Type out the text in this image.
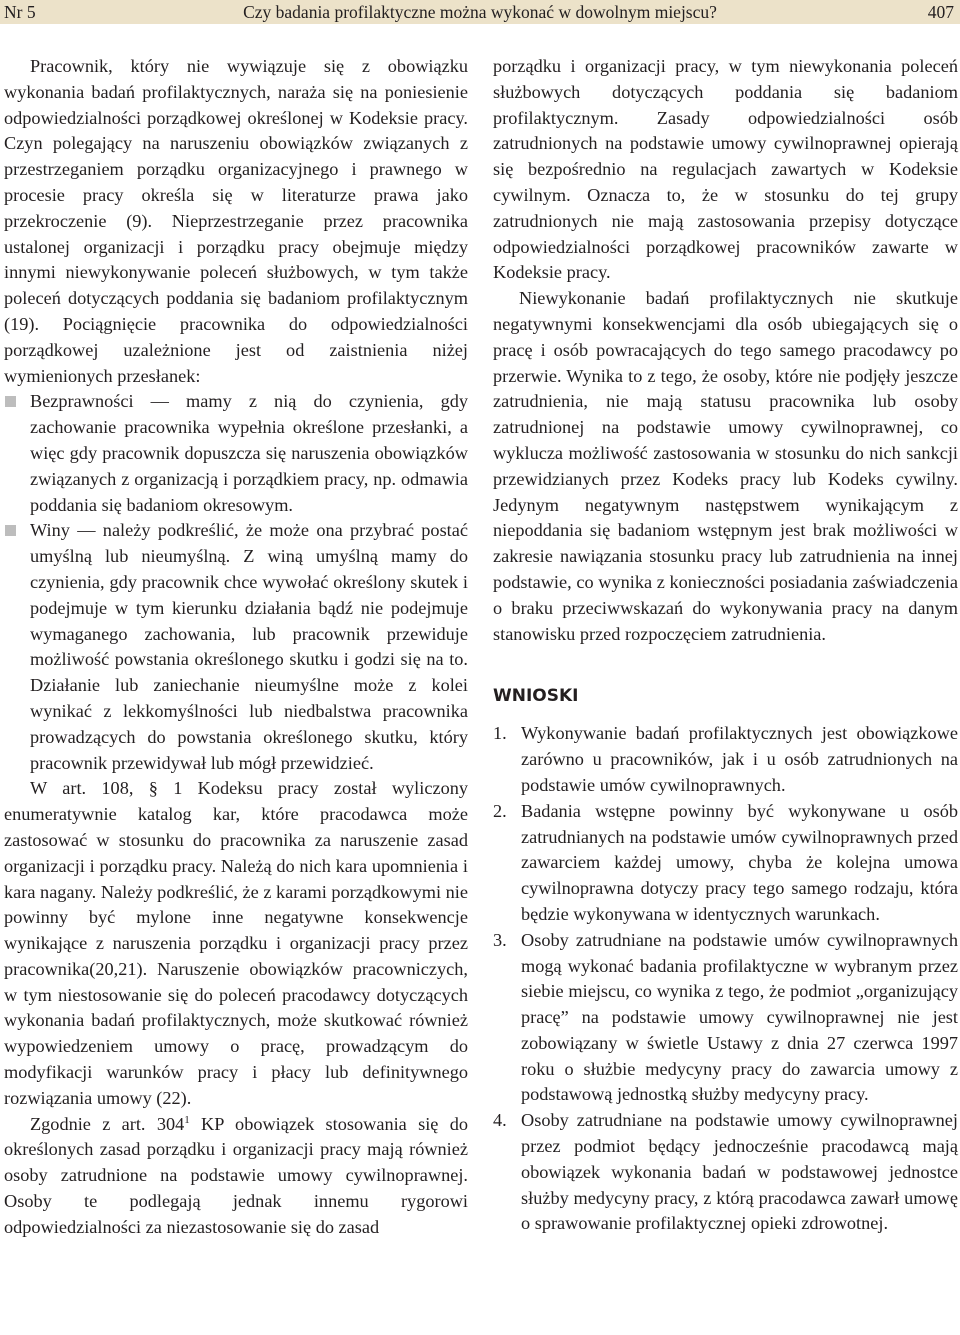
Czy badania profilaktyczne można wykonać w dowolnym miejscu?
Nr 5	407

Pracownik, który nie wywiązuje się z obowiązku wykonania badań profilaktycznych, naraża się na poniesienie odpowiedzialności porządkowej określonej w Kodeksie pracy. Czyn polegający na naruszeniu obowiązków związanych z przestrzeganiem porządku organizacyjnego i prawnego w procesie pracy określa się w literaturze prawa jako przekroczenie (9). Nieprzestrzeganie przez pracownika ustalonej organizacji i porządku pracy obejmuje między innymi niewykonywanie poleceń służbowych, w tym także poleceń dotyczących poddania się badaniom profilaktycznym (19). Pociągnięcie pracownika do odpowiedzialności porządkowej uzależnione jest od zaistnienia niżej wymienionych przesłanek:

Bezprawności — mamy z nią do czynienia, gdy zachowanie pracownika wypełnia określone przesłanki, a więc gdy pracownik dopuszcza się naruszenia obowiązków związanych z organizacją i porządkiem pracy, np. odmawia poddania się badaniom okresowym.
Winy — należy podkreślić, że może ona przybrać postać umyślną lub nieumyślną. Z winą umyślną mamy do czynienia, gdy pracownik chce wywołać określony skutek i podejmuje w tym kierunku działania bądź nie podejmuje wymaganego zachowania, lub pracownik przewiduje możliwość powstania określonego skutku i godzi się na to. Działanie lub zaniechanie nieumyślne może z kolei wynikać z lekkomyślności lub niedbalstwa pracownika prowadzących do powstania określonego skutku, który pracownik przewidywał lub mógł przewidzieć.

W art. 108, § 1 Kodeksu pracy został wyliczony enumeratywnie katalog kar, które pracodawca może zastosować w stosunku do pracownika za naruszenie zasad organizacji i porządku pracy. Należą do nich kara upomnienia i kara nagany. Należy podkreślić, że z karami porządkowymi nie powinny być mylone inne negatywne konsekwencje wynikające z naruszenia porządku i organizacji pracy przez pracownika(20,21). Naruszenie obowiązków pracowniczych, w tym niestosowanie się do poleceń pracodawcy dotyczących wykonania badań profilaktycznych, może skutkować również wypowiedzeniem umowy o pracę, prowadzącym do modyfikacji warunków pracy i płacy lub definitywnego rozwiązania umowy (22).

Zgodnie z art. $304^1$ KP obowiązek stosowania się do określonych zasad porządku i organizacji pracy mają również osoby zatrudnione na podstawie umowy cywilnoprawnej. Osoby te podlegają jednak innemu rygorowi odpowiedzialności za niezastosowanie się do zasad

porządku i organizacji pracy, w tym niewykonania poleceń służbowych dotyczących poddania się badaniom profilaktycznym. Zasady odpowiedzialności osób zatrudnionych na podstawie umowy cywilnoprawnej opierają się bezpośrednio na regulacjach zawartych w Kodeksie cywilnym. Oznacza to, że w stosunku do tej grupy zatrudnionych nie mają zastosowania przepisy dotyczące odpowiedzialności porządkowej pracowników zawarte w Kodeksie pracy.

Niewykonanie badań profilaktycznych nie skutkuje negatywnymi konsekwencjami dla osób ubiegających się o pracę i osób powracających do tego samego pracodawcy po przerwie. Wynika to z tego, że osoby, które nie podjęły jeszcze zatrudnienia, nie mają statusu pracownika lub osoby zatrudnionej na podstawie umowy cywilnoprawnej, co wyklucza możliwość zastosowania w stosunku do nich sankcji przewidzianych przez Kodeks pracy lub Kodeks cywilny. Jedynym negatywnym następstwem wynikającym z niepoddania się badaniom wstępnym jest brak możliwości w zakresie nawiązania stosunku pracy lub zatrudnienia na innej podstawie, co wynika z konieczności posiadania zaświadczenia o braku przeciwwskazań do wykonywania pracy na danym stanowisku przed rozpoczęciem zatrudnienia.

WNIOSKI
1. Wykonywanie badań profilaktycznych jest obowiązkowe zarówno u pracowników, jak i u osób zatrudnionych na podstawie umów cywilnoprawnych.
2. Badania wstępne powinny być wykonywane u osób zatrudnianych na podstawie umów cywilnoprawnych przed zawarciem każdej umowy, chyba że kolejna umowa cywilnoprawna dotyczy pracy tego samego rodzaju, która będzie wykonywana w identycznych warunkach.
3. Osoby zatrudniane na podstawie umów cywilnoprawnych mogą wykonać badania profilaktyczne w wybranym przez siebie miejscu, co wynika z tego, że podmiot „organizujący pracę” na podstawie umowy cywilnoprawnej nie jest zobowiązany w świetle Ustawy z dnia 27 czerwca 1997 roku o służbie medycyny pracy do zawarcia umowy z podstawową jednostką służby medycyny pracy.
4. Osoby zatrudniane na podstawie umowy cywilnoprawnej przez podmiot będący jednocześnie pracodawcą mają obowiązek wykonania badań w podstawowej jednostce służby medycyny pracy, z którą pracodawca zawarł umowę o sprawowanie profilaktycznej opieki zdrowotnej.
